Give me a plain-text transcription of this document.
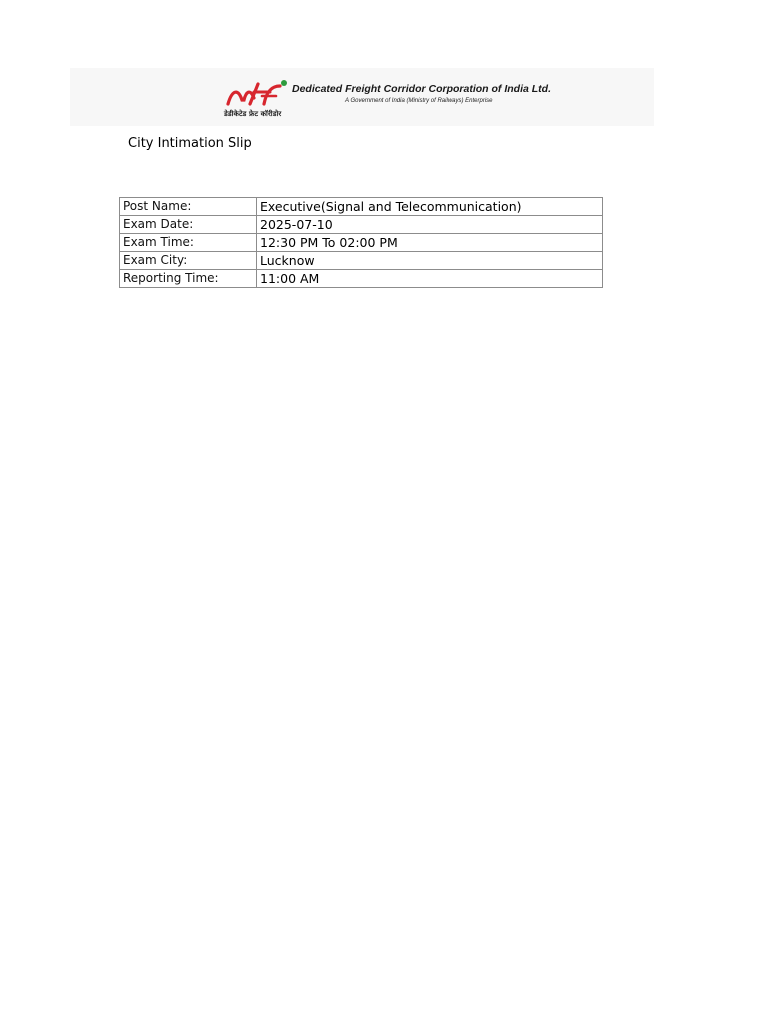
डेडीकेटेड फ्रेट कॉरीडोर
Dedicated Freight Corridor Corporation of India Ltd.
A Government of India (Ministry of Railways) Enterprise
City Intimation Slip
Post Name:	Executive(Signal and Telecommunication)
Exam Date:	2025-07-10
Exam Time:	12:30 PM To 02:00 PM
Exam City:	Lucknow
Reporting Time:	11:00 AM
